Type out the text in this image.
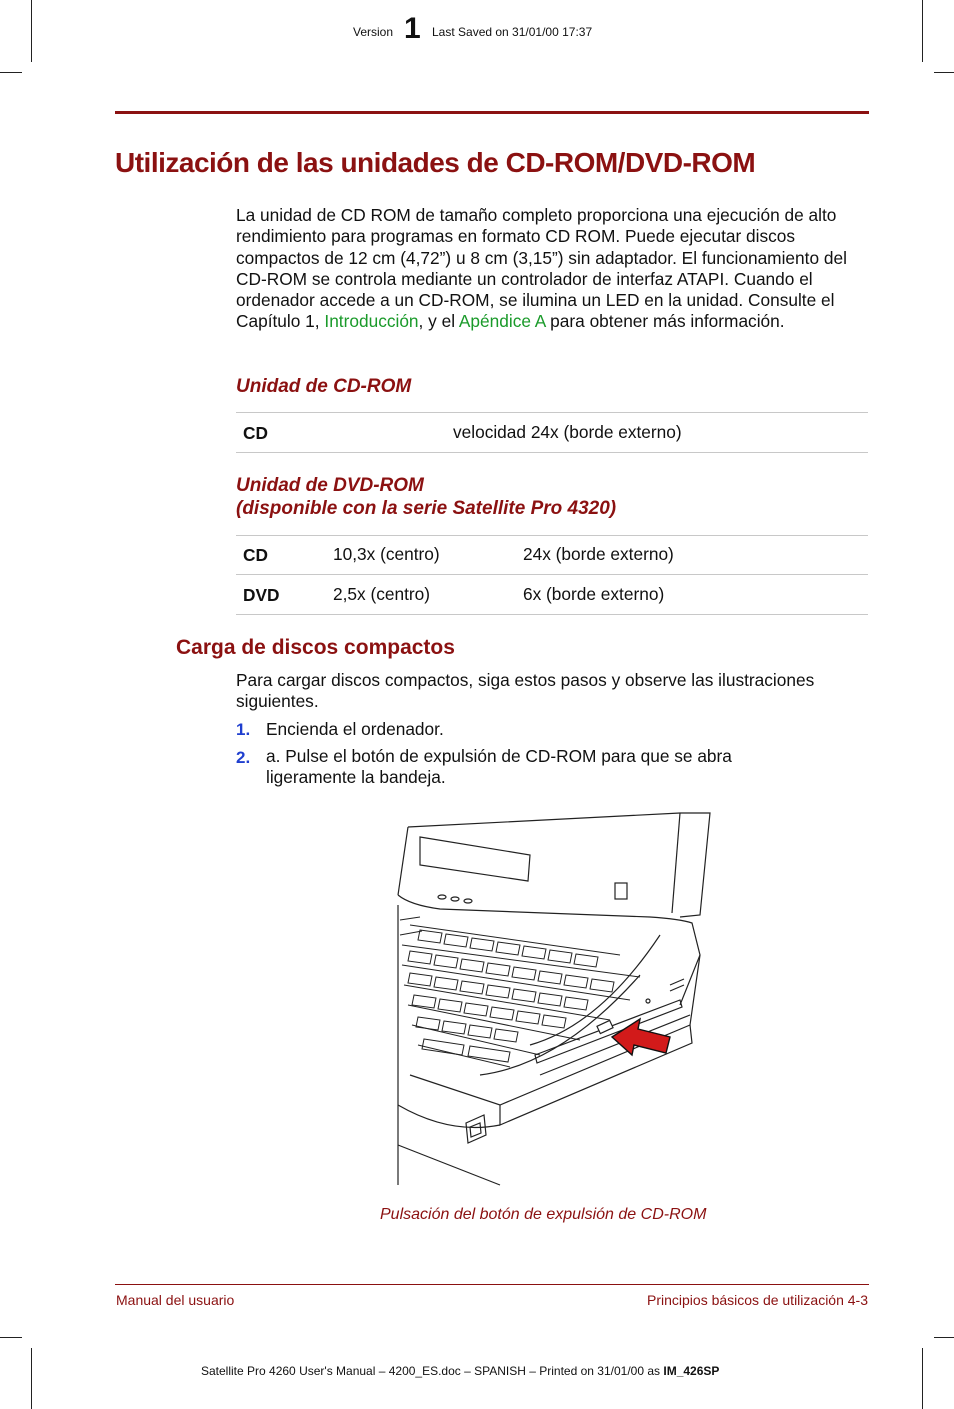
Version 1 Last Saved on 31/01/00 17:37
Utilización de las unidades de CD-ROM/DVD-ROM

La unidad de CD ROM de tamaño completo proporciona una ejecución de alto rendimiento para programas en formato CD ROM. Puede ejecutar discos compactos de 12 cm (4,72”) u 8 cm (3,15”) sin adaptador. El funcionamiento del CD-ROM se controla mediante un controlador de interfaz ATAPI. Cuando el ordenador accede a un CD-ROM, se ilumina un LED en la unidad. Consulte el Capítulo 1, Introducción, y el Apéndice A para obtener más información.

Unidad de CD-ROM
CD	velocidad 24x (borde externo)
Unidad de DVD-ROM
(disponible con la serie Satellite Pro 4320)
CD	10,3x (centro)	24x (borde externo)
DVD	2,5x (centro)	6x (borde externo)
Carga de discos compactos

Para cargar discos compactos, siga estos pasos y observe las ilustraciones siguientes.

1. Encienda el ordenador.

2. a. Pulse el botón de expulsión de CD-ROM para que se abra ligeramente la bandeja.

Pulsación del botón de expulsión de CD-ROM
Manual del usuario	Principios básicos de utilización 4-3
Satellite Pro 4260 User's Manual – 4200_ES.doc – SPANISH – Printed on 31/01/00 as IM_426SP
